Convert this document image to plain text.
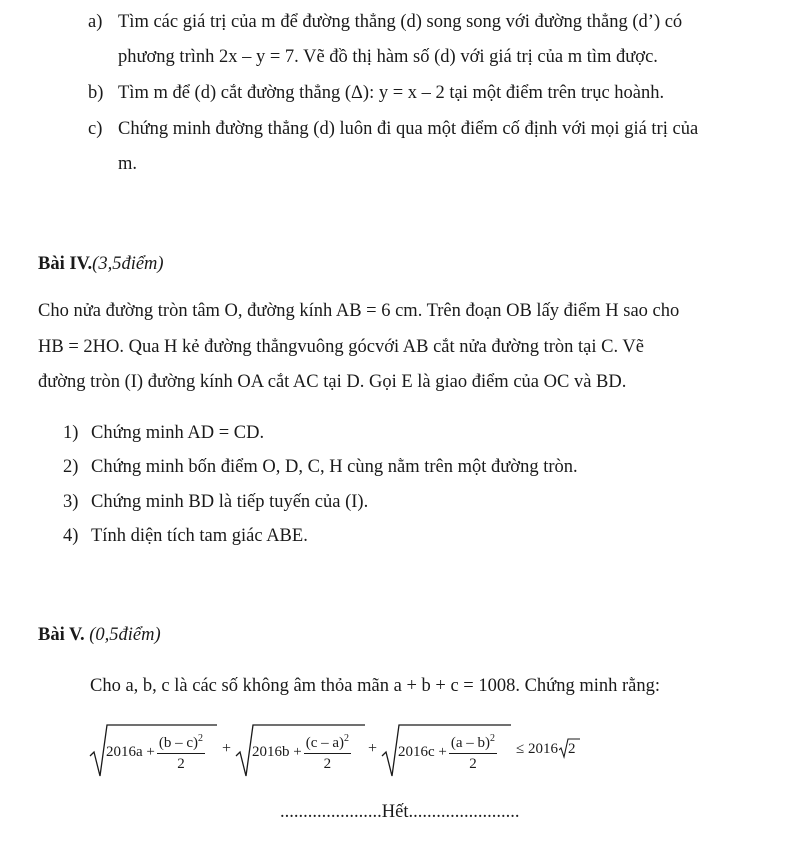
a) Tìm các giá trị của m để đường thẳng (d) song song với đường thẳng (d’) có
phương trình 2x – y = 7. Vẽ đồ thị hàm số (d) với giá trị của m tìm được.
b) Tìm m để (d) cắt đường thẳng (Δ): y = x – 2 tại một điểm trên trục hoành.
c) Chứng minh đường thẳng (d) luôn đi qua một điểm cố định với mọi giá trị của
m.
Bài IV.(3,5điểm)
Cho nửa đường tròn tâm O, đường kính AB = 6 cm. Trên đoạn OB lấy điểm H sao cho
HB = 2HO. Qua H kẻ đường thẳngvuông gócvới AB cắt nửa đường tròn tại C. Vẽ
đường tròn (I) đường kính OA cắt AC tại D. Gọi E là giao điểm của OC và BD.
1) Chứng minh AD = CD.
2) Chứng minh bốn điểm O, D, C, H cùng nằm trên một đường tròn.
3) Chứng minh BD là tiếp tuyến của (I).
4) Tính diện tích tam giác ABE.
Bài V. (0,5điểm)
Cho a, b, c là các số không âm thỏa mãn a + b + c = 1008. Chứng minh rằng:
$2016a + \frac{(b - c)^2}{2} + 2016b + \frac{(c - a)^2}{2} + 2016c + \frac{(a - b)^2}{2} \le 2016$ 2
......................Hết........................
